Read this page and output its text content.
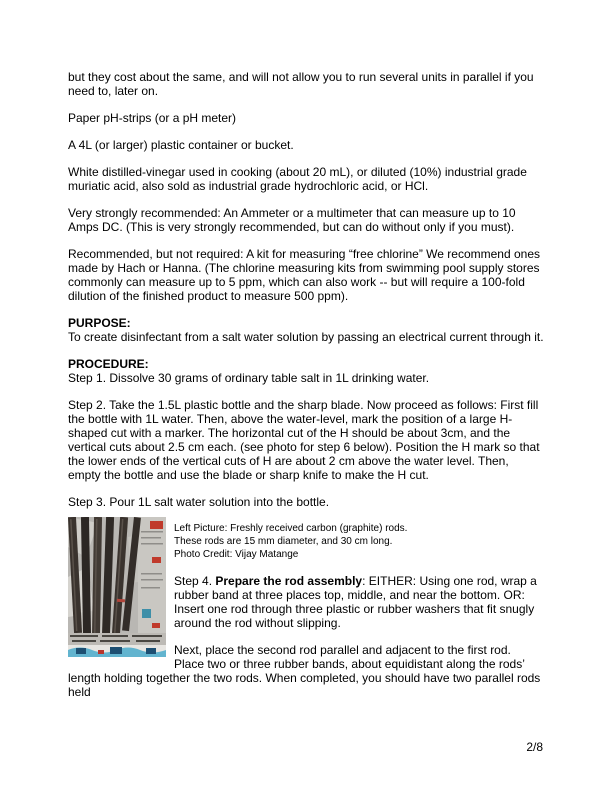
but they cost about the same, and will not allow you to run several units in parallel if you need to, later on.

Paper pH-strips (or a pH meter)

A 4L (or larger) plastic container or bucket.

White distilled-vinegar used in cooking (about 20 mL), or diluted (10%) industrial grade muriatic acid, also sold as industrial grade hydrochloric acid, or HCl.

Very strongly recommended: An Ammeter or a multimeter that can measure up to 10 Amps DC. (This is very strongly recommended, but can do without only if you must).

Recommended, but not required: A kit for measuring “free chlorine” We recommend ones made by Hach or Hanna. (The chlorine measuring kits from swimming pool supply stores commonly can measure up to 5 ppm, which can also work -- but will require a 100-fold dilution of the finished product to measure 500 ppm).

PURPOSE:

To create disinfectant from a salt water solution by passing an electrical current through it.

PROCEDURE:

Step 1. Dissolve 30 grams of ordinary table salt in 1L drinking water.

Step 2. Take the 1.5L plastic bottle and the sharp blade. Now proceed as follows: First fill the bottle with 1L water. Then, above the water-level, mark the position of a large H-shaped cut with a marker. The horizontal cut of the H should be about 3cm, and the vertical cuts about 2.5 cm each. (see photo for step 6 below). Position the H mark so that the lower ends of the vertical cuts of H are about 2 cm above the water level. Then, empty the bottle and use the blade or sharp knife to make the H cut.

Step 3. Pour 1L salt water solution into the bottle.

Left Picture: Freshly received carbon (graphite) rods. These rods are 15 mm diameter, and 30 cm long.
Photo Credit: Vijay Matange

Step 4. Prepare the rod assembly: EITHER: Using one rod, wrap a rubber band at three places top, middle, and near the bottom. OR: Insert one rod through three plastic or rubber washers that fit snugly around the rod without slipping.

Next, place the second rod parallel and adjacent to the first rod. Place two or three rubber bands, about equidistant along the rods’ length holding together the two rods. When completed, you should have two parallel rods held

2/8
